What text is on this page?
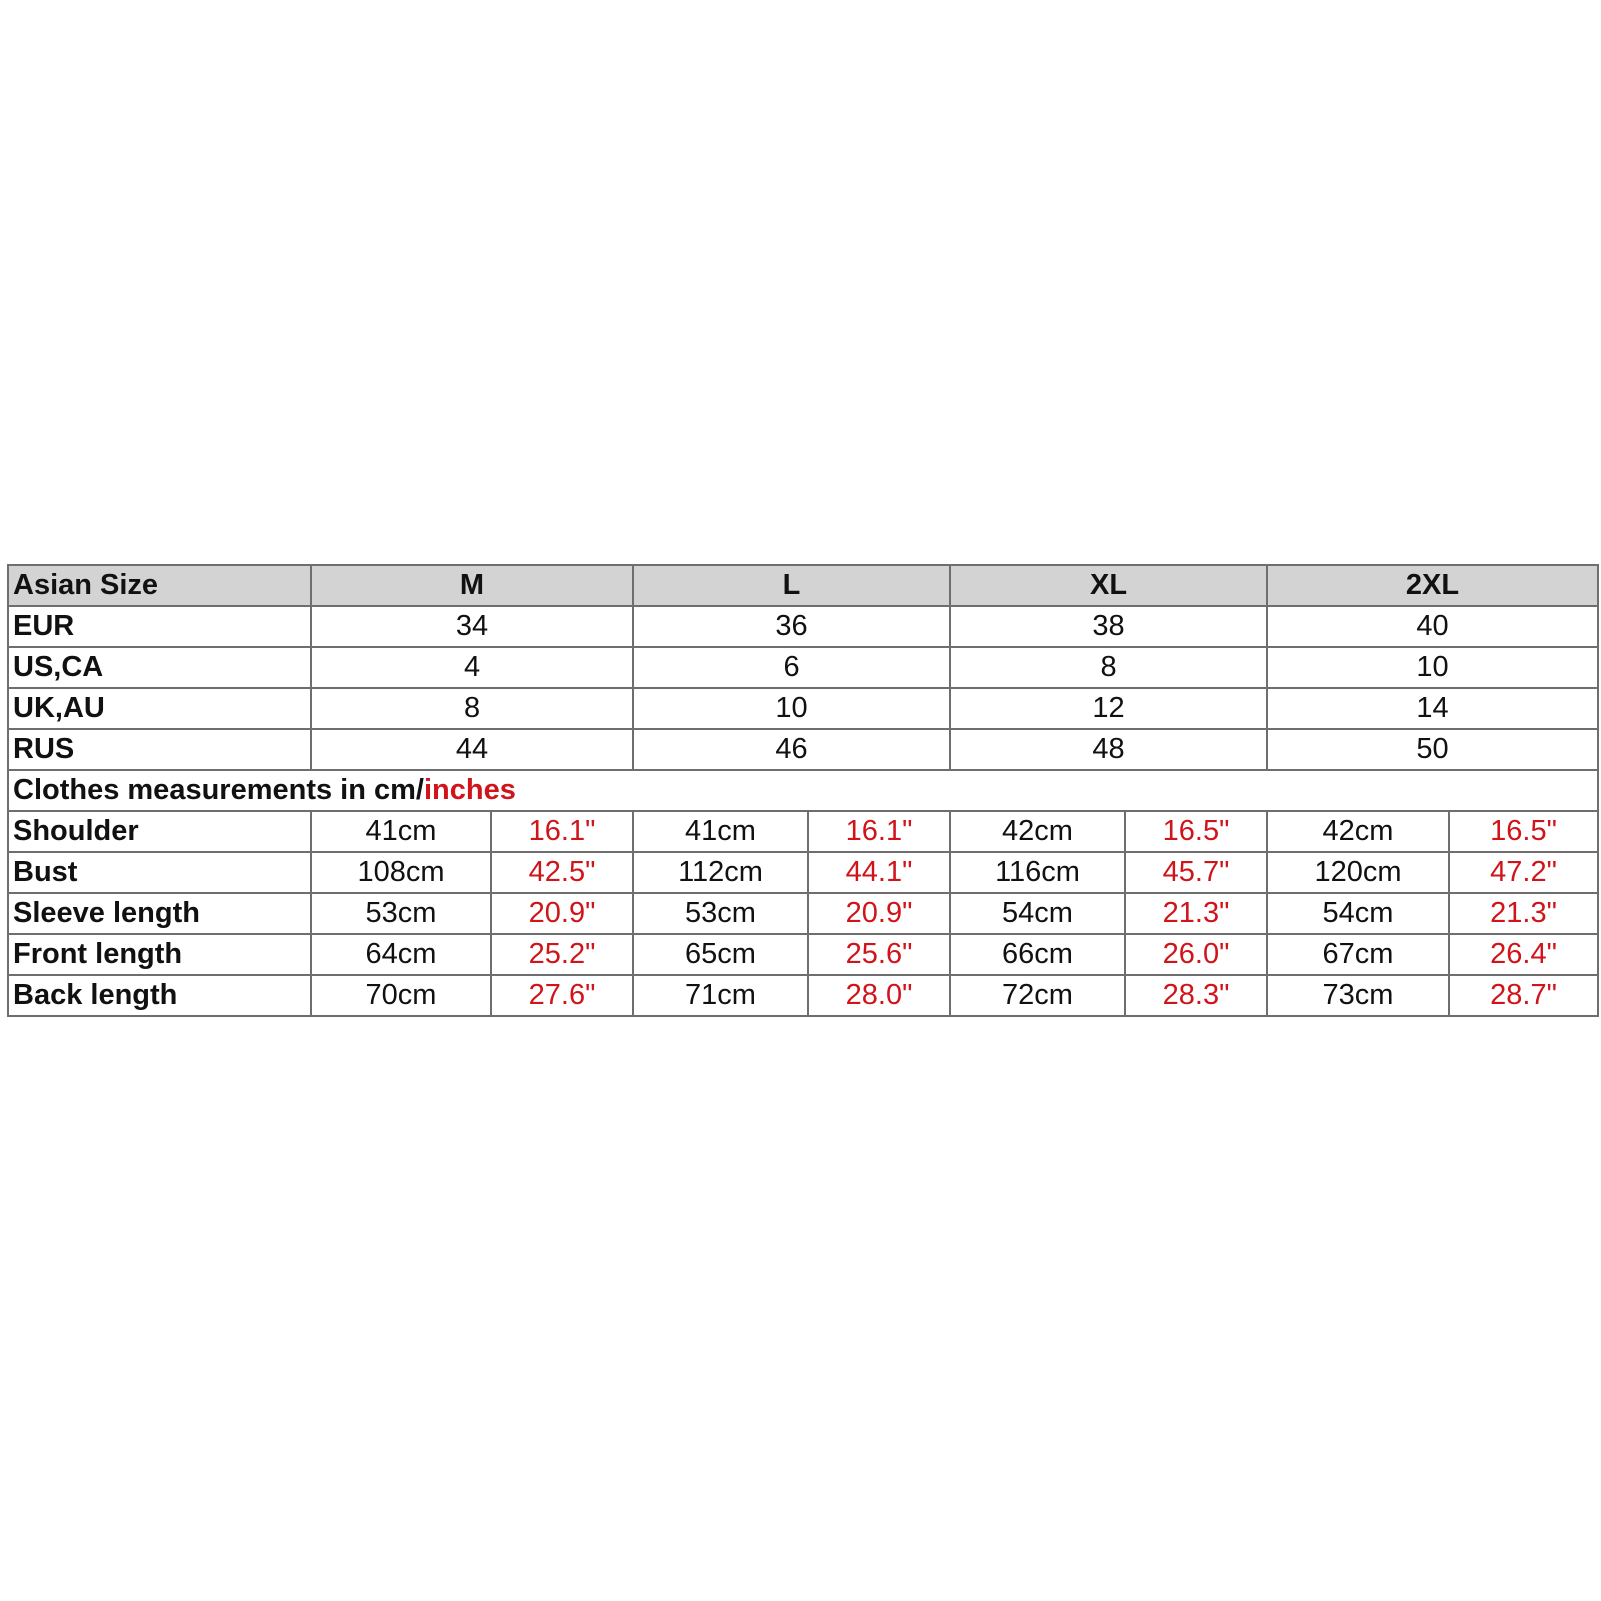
Asian Size	M		L		XL		2XL	
EUR	34		36		38		40	
US,CA	4		6		8		10	
UK,AU	8		10		12		14	
RUS	44		46		48		50	
Clothes measurements in cm/inches								
Shoulder	41cm	16.1"	41cm	16.1"	42cm	16.5"	42cm	16.5"
Bust	108cm	42.5"	112cm	44.1"	116cm	45.7"	120cm	47.2"
Sleeve length	53cm	20.9"	53cm	20.9"	54cm	21.3"	54cm	21.3"
Front length	64cm	25.2"	65cm	25.6"	66cm	26.0"	67cm	26.4"
Back length	70cm	27.6"	71cm	28.0"	72cm	28.3"	73cm	28.7"
